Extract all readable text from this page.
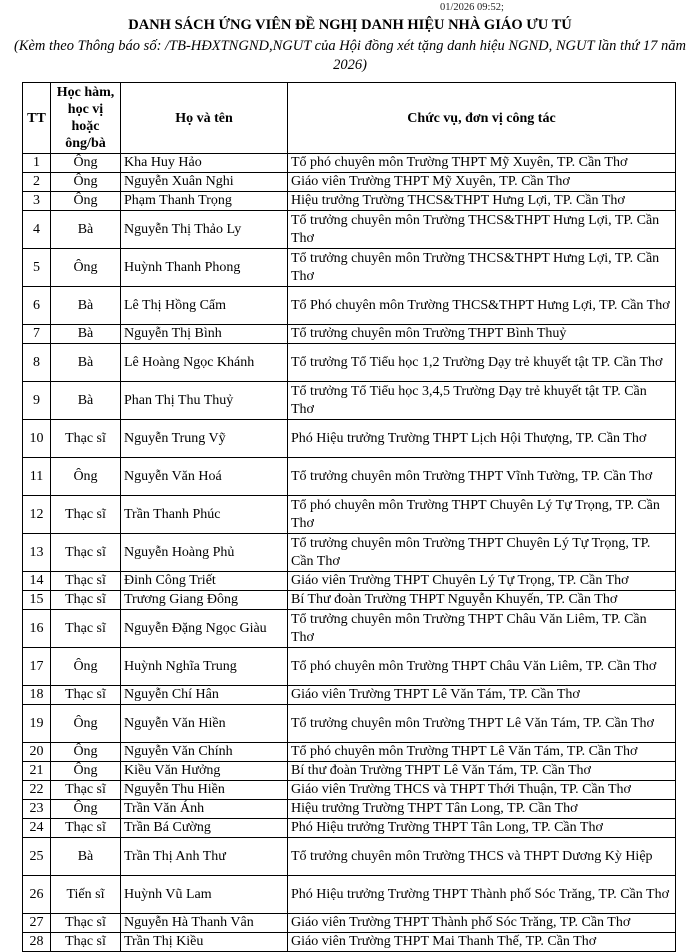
01/2026 09:52;
DANH SÁCH ỨNG VIÊN ĐỀ NGHỊ DANH HIỆU NHÀ GIÁO ƯU TÚ
(Kèm theo Thông báo số: /TB-HĐXTNGND,NGUT của Hội đồng xét tặng danh hiệu NGND, NGUT lần thứ 17 năm 2026)
TT	Học hàm, học vị hoặc ông/bà	Họ và tên	Chức vụ, đơn vị công tác
1	Ông	Kha Huy Hảo	Tổ phó chuyên môn Trường THPT Mỹ Xuyên, TP. Cần Thơ
2	Ông	Nguyễn Xuân Nghi	Giáo viên Trường THPT Mỹ Xuyên, TP. Cần Thơ
3	Ông	Phạm Thanh Trọng	Hiệu trưởng Trường THCS&THPT Hưng Lợi, TP. Cần Thơ
4	Bà	Nguyễn Thị Thảo Ly	Tổ trưởng chuyên môn Trường THCS&THPT Hưng Lợi, TP. Cần Thơ
5	Ông	Huỳnh Thanh Phong	Tổ trưởng chuyên môn Trường THCS&THPT Hưng Lợi, TP. Cần Thơ
6	Bà	Lê Thị Hồng Cẩm	Tổ Phó chuyên môn Trường THCS&THPT Hưng Lợi, TP. Cần Thơ
7	Bà	Nguyễn Thị Bình	Tổ trưởng chuyên môn Trường THPT Bình Thuỷ
8	Bà	Lê Hoàng Ngọc Khánh	Tổ trưởng Tổ Tiểu học 1,2 Trường Dạy trẻ khuyết tật TP. Cần Thơ
9	Bà	Phan Thị Thu Thuỷ	Tổ trưởng Tổ Tiểu học 3,4,5 Trường Dạy trẻ khuyết tật TP. Cần Thơ
10	Thạc sĩ	Nguyễn Trung Vỹ	Phó Hiệu trưởng Trường THPT Lịch Hội Thượng, TP. Cần Thơ
11	Ông	Nguyễn Văn Hoá	Tổ trưởng chuyên môn Trường THPT Vĩnh Tường, TP. Cần Thơ
12	Thạc sĩ	Trần Thanh Phúc	Tổ phó chuyên môn Trường THPT Chuyên Lý Tự Trọng, TP. Cần Thơ
13	Thạc sĩ	Nguyễn Hoàng Phủ	Tổ trưởng chuyên môn Trường THPT Chuyên Lý Tự Trọng, TP. Cần Thơ
14	Thạc sĩ	Đinh Công Triết	Giáo viên Trường THPT Chuyên Lý Tự Trọng, TP. Cần Thơ
15	Thạc sĩ	Trương Giang Đông	Bí Thư đoàn Trường THPT Nguyễn Khuyến, TP. Cần Thơ
16	Thạc sĩ	Nguyễn Đặng Ngọc Giàu	Tổ trưởng chuyên môn Trường THPT Châu Văn Liêm, TP. Cần Thơ
17	Ông	Huỳnh Nghĩa Trung	Tổ phó chuyên môn Trường THPT Châu Văn Liêm, TP. Cần Thơ
18	Thạc sĩ	Nguyễn Chí Hân	Giáo viên Trường THPT Lê Văn Tám, TP. Cần Thơ
19	Ông	Nguyễn Văn Hiền	Tổ trưởng chuyên môn Trường THPT Lê Văn Tám, TP. Cần Thơ
20	Ông	Nguyễn Văn Chính	Tổ phó chuyên môn Trường THPT Lê Văn Tám, TP. Cần Thơ
21	Ông	Kiều Văn Hưởng	Bí thư đoàn Trường THPT Lê Văn Tám, TP. Cần Thơ
22	Thạc sĩ	Nguyễn Thu Hiền	Giáo viên Trường THCS và THPT Thới Thuận, TP. Cần Thơ
23	Ông	Trần Văn Ánh	Hiệu trưởng Trường THPT Tân Long, TP. Cần Thơ
24	Thạc sĩ	Trần Bá Cường	Phó Hiệu trưởng Trường THPT Tân Long, TP. Cần Thơ
25	Bà	Trần Thị Anh Thư	Tổ trưởng chuyên môn Trường THCS và THPT Dương Kỳ Hiệp
26	Tiến sĩ	Huỳnh Vũ Lam	Phó Hiệu trưởng Trường THPT Thành phố Sóc Trăng, TP. Cần Thơ
27	Thạc sĩ	Nguyễn Hà Thanh Vân	Giáo viên Trường THPT Thành phố Sóc Trăng, TP. Cần Thơ
28	Thạc sĩ	Trần Thị Kiều	Giáo viên Trường THPT Mai Thanh Thế, TP. Cần Thơ
